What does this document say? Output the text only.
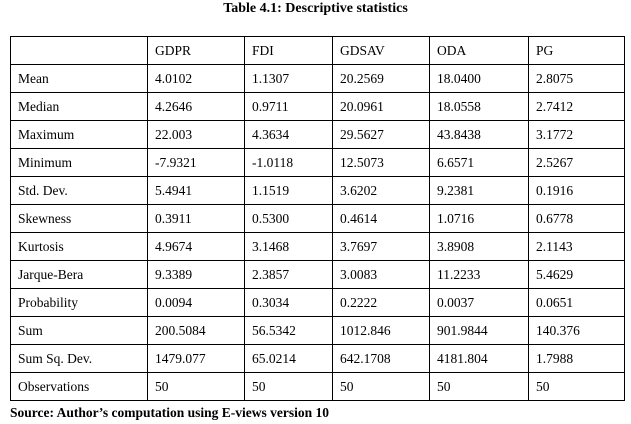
Table 4.1: Descriptive statistics
	GDPR	FDI	GDSAV	ODA	PG
Mean	4.0102	1.1307	20.2569	18.0400	2.8075
Median	4.2646	0.9711	20.0961	18.0558	2.7412
Maximum	22.003	4.3634	29.5627	43.8438	3.1772
Minimum	-7.9321	-1.0118	12.5073	6.6571	2.5267
Std. Dev.	5.4941	1.1519	3.6202	9.2381	0.1916
Skewness	0.3911	0.5300	0.4614	1.0716	0.6778
Kurtosis	4.9674	3.1468	3.7697	3.8908	2.1143
Jarque-Bera	9.3389	2.3857	3.0083	11.2233	5.4629
Probability	0.0094	0.3034	0.2222	0.0037	0.0651
Sum	200.5084	56.5342	1012.846	901.9844	140.376
Sum Sq. Dev.	1479.077	65.0214	642.1708	4181.804	1.7988
Observations	50	50	50	50	50
Source: Author’s computation using E-views version 10
